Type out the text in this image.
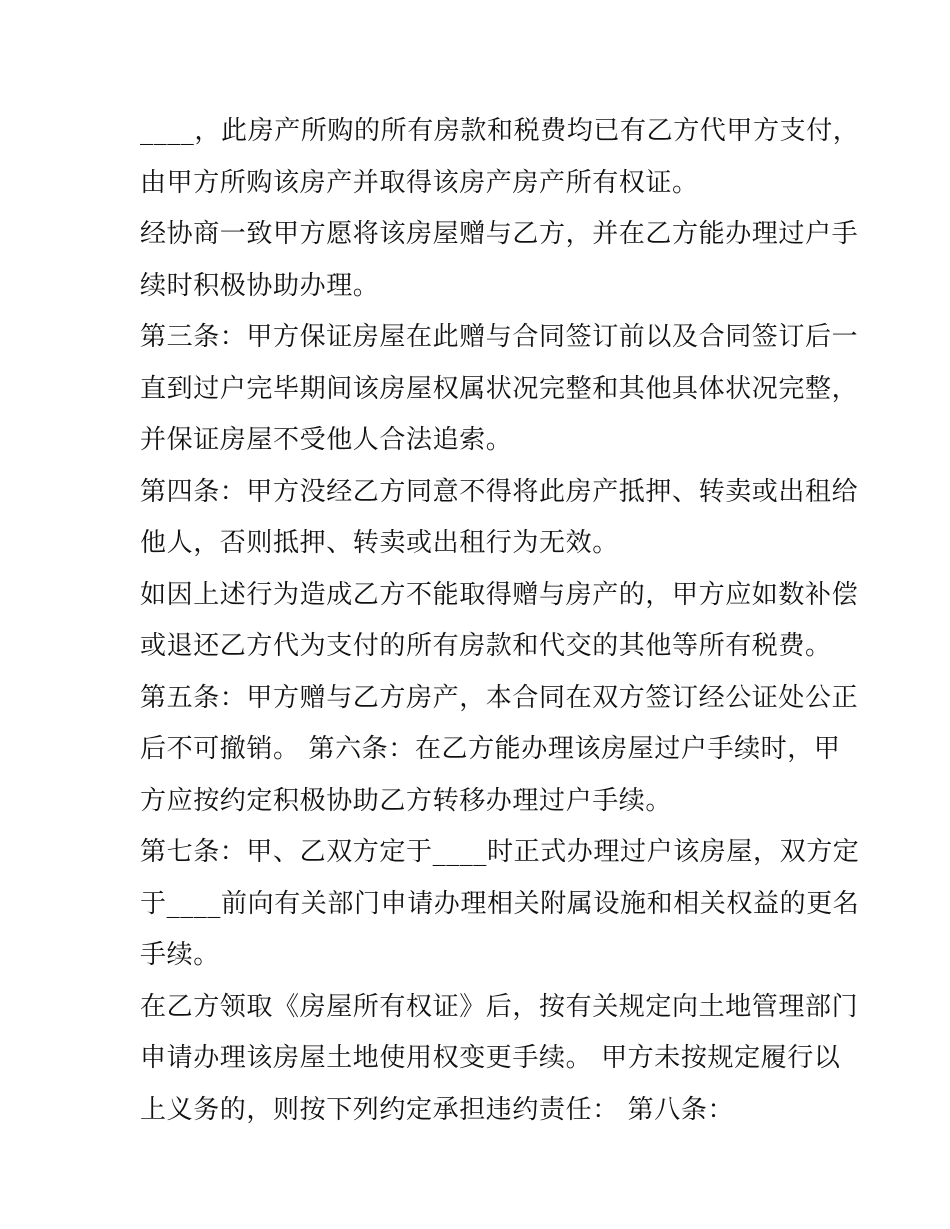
____，此房产所购的所有房款和税费均已有乙方代甲方支付，
由甲方所购该房产并取得该房产房产所有权证。
经协商一致甲方愿将该房屋赠与乙方，并在乙方能办理过户手
续时积极协助办理。
第三条：甲方保证房屋在此赠与合同签订前以及合同签订后一
直到过户完毕期间该房屋权属状况完整和其他具体状况完整，
并保证房屋不受他人合法追索。
第四条：甲方没经乙方同意不得将此房产抵押、转卖或出租给
他人，否则抵押、转卖或出租行为无效。
如因上述行为造成乙方不能取得赠与房产的，甲方应如数补偿
或退还乙方代为支付的所有房款和代交的其他等所有税费。
第五条：甲方赠与乙方房产，本合同在双方签订经公证处公正
后不可撤销。 第六条：在乙方能办理该房屋过户手续时，甲
方应按约定积极协助乙方转移办理过户手续。
第七条：甲、乙双方定于____时正式办理过户该房屋，双方定
于____前向有关部门申请办理相关附属设施和相关权益的更名
手续。
在乙方领取《房屋所有权证》后，按有关规定向土地管理部门
申请办理该房屋土地使用权变更手续。 甲方未按规定履行以
上义务的，则按下列约定承担违约责任： 第八条：
